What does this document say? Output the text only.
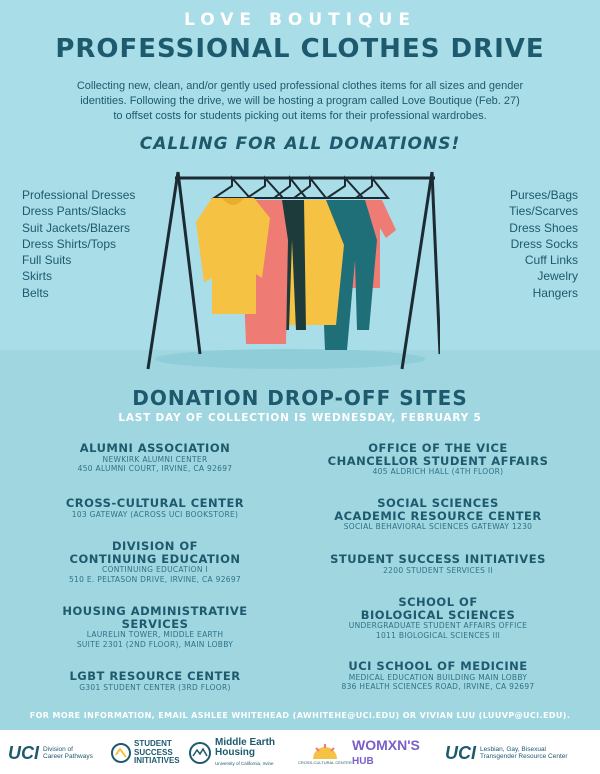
LOVE BOUTIQUE
PROFESSIONAL CLOTHES DRIVE
Collecting new, clean, and/or gently used professional clothes items for all sizes and gender
identities. Following the drive, we will be hosting a program called Love Boutique (Feb. 27)
to offset costs for students picking out items for their professional wardrobes.
CALLING FOR ALL DONATIONS!
Professional Dresses
Dress Pants/Slacks
Suit Jackets/Blazers
Dress Shirts/Tops
Full Suits
Skirts
Belts
Purses/Bags
Ties/Scarves
Dress Shoes
Dress Socks
Cuff Links
Jewelry
Hangers
DONATION DROP-OFF SITES
LAST DAY OF COLLECTION IS WEDNESDAY, FEBRUARY 5
ALUMNI ASSOCIATION
NEWKIRK ALUMNI CENTER
450 ALUMNI COURT, IRVINE, CA 92697
CROSS-CULTURAL CENTER
103 GATEWAY (ACROSS UCI BOOKSTORE)
DIVISION OF
CONTINUING EDUCATION
CONTINUING EDUCATION I
510 E. PELTASON DRIVE, IRVINE, CA 92697
HOUSING ADMINISTRATIVE
SERVICES
LAURELIN TOWER, MIDDLE EARTH
SUITE 2301 (2ND FLOOR), MAIN LOBBY
LGBT RESOURCE CENTER
G301 STUDENT CENTER (3RD FLOOR)
OFFICE OF THE VICE
CHANCELLOR STUDENT AFFAIRS
405 ALDRICH HALL (4TH FLOOR)
SOCIAL SCIENCES
ACADEMIC RESOURCE CENTER
SOCIAL BEHAVIORAL SCIENCES GATEWAY 1230
STUDENT SUCCESS INITIATIVES
2200 STUDENT SERVICES II
SCHOOL OF
BIOLOGICAL SCIENCES
UNDERGRADUATE STUDENT AFFAIRS OFFICE
1011 BIOLOGICAL SCIENCES III
UCI SCHOOL OF MEDICINE
MEDICAL EDUCATION BUILDING MAIN LOBBY
836 HEALTH SCIENCES ROAD, IRVINE, CA 92697
FOR MORE INFORMATION, EMAIL ASHLEE WHITEHEAD (AWHITEHE@UCI.EDU) OR VIVIAN LUU (LUUVP@UCI.EDU).
UCI Division of
Career Pathways
STUDENT
SUCCESS
INITIATIVES
Middle Earth
Housing
University of California, Irvine	CROSS-CULTURAL CENTER
WOMXN'S
HUB	UCI Lesbian, Gay, Bisexual
Transgender Resource Center
